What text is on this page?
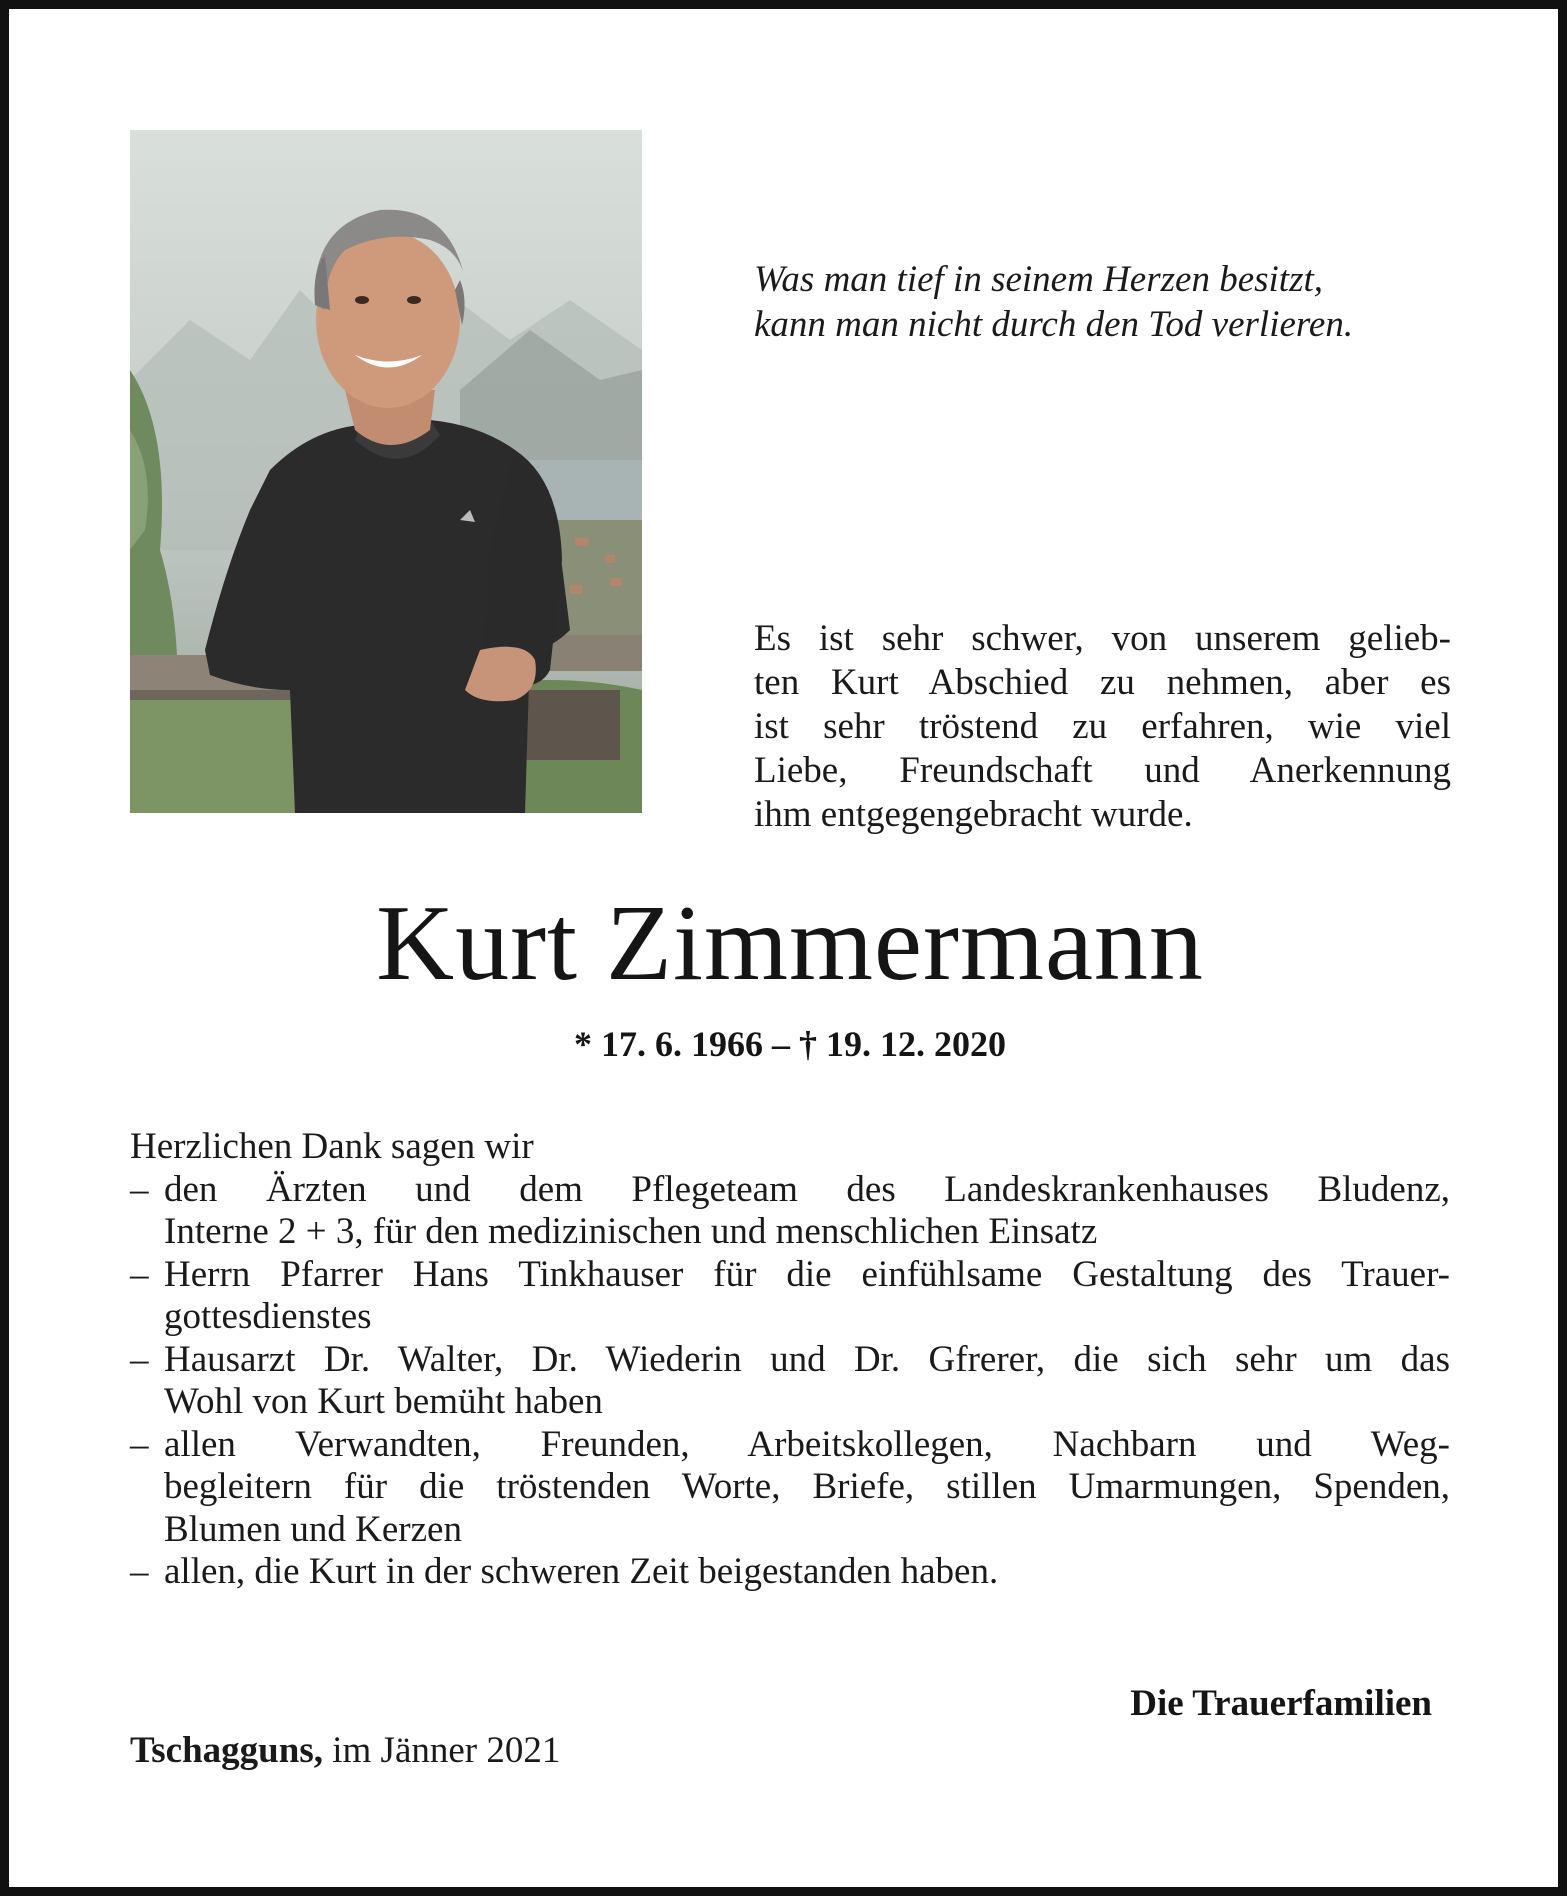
Was man tief in seinem Herzen besitzt,
kann man nicht durch den Tod verlieren.
Es ist sehr schwer, von unserem gelieb-
ten Kurt Abschied zu nehmen, aber es
ist sehr tröstend zu erfahren, wie viel
Liebe, Freundschaft und Anerkennung
ihm entgegengebracht wurde.
Kurt Zimmermann
* 17. 6. 1966 – † 19. 12. 2020
Herzlichen Dank sagen wir
– den Ärzten und dem Pflegeteam des Landeskrankenhauses Bludenz,
Interne 2 + 3, für den medizinischen und menschlichen Einsatz
– Herrn Pfarrer Hans Tinkhauser für die einfühlsame Gestaltung des Trauer-
gottesdienstes
– Hausarzt Dr. Walter, Dr. Wiederin und Dr. Gfrerer, die sich sehr um das
Wohl von Kurt bemüht haben
– allen Verwandten, Freunden, Arbeitskollegen, Nachbarn und Weg-
begleitern für die tröstenden Worte, Briefe, stillen Umarmungen, Spenden,
Blumen und Kerzen
– allen, die Kurt in der schweren Zeit beigestanden haben.
Die Trauerfamilien
Tschagguns, im Jänner 2021
